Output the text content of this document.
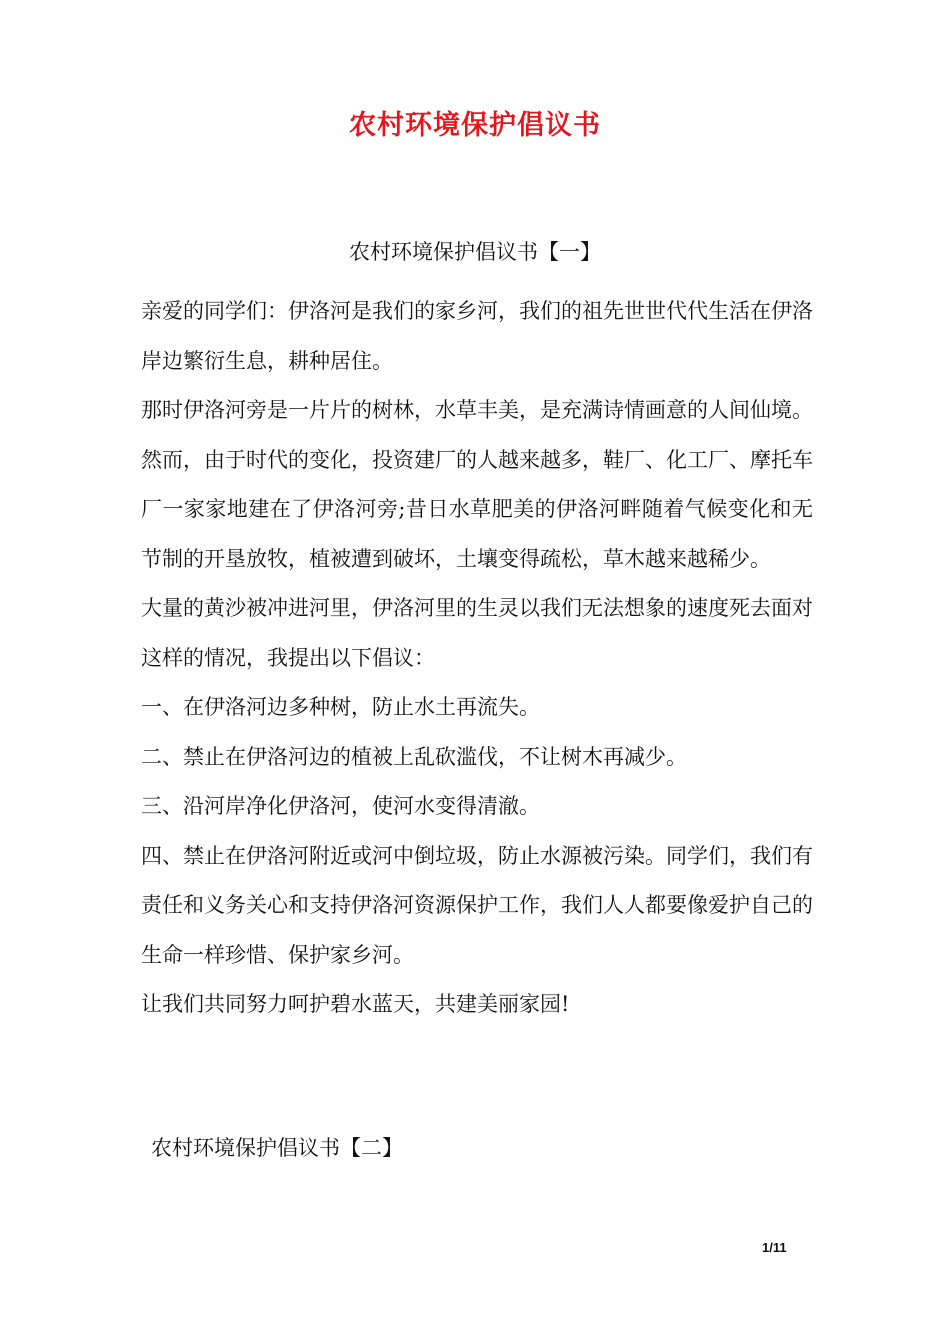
农村环境保护倡议书
农村环境保护倡议书【一】

亲爱的同学们：伊洛河是我们的家乡河，我们的祖先世世代代生活在伊洛岸边繁衍生息，耕种居住。

那时伊洛河旁是一片片的树林，水草丰美，是充满诗情画意的人间仙境。

然而，由于时代的变化，投资建厂的人越来越多，鞋厂、化工厂、摩托车厂一家家地建在了伊洛河旁;昔日水草肥美的伊洛河畔随着气候变化和无节制的开垦放牧，植被遭到破坏，土壤变得疏松，草木越来越稀少。

大量的黄沙被冲进河里，伊洛河里的生灵以我们无法想象的速度死去面对这样的情况，我提出以下倡议：

一、在伊洛河边多种树，防止水土再流失。

二、禁止在伊洛河边的植被上乱砍滥伐，不让树木再减少。

三、沿河岸净化伊洛河，使河水变得清澈。

四、禁止在伊洛河附近或河中倒垃圾，防止水源被污染。同学们，我们有责任和义务关心和支持伊洛河资源保护工作，我们人人都要像爱护自己的生命一样珍惜、保护家乡河。

让我们共同努力呵护碧水蓝天，共建美丽家园!

农村环境保护倡议书【二】
1/11
